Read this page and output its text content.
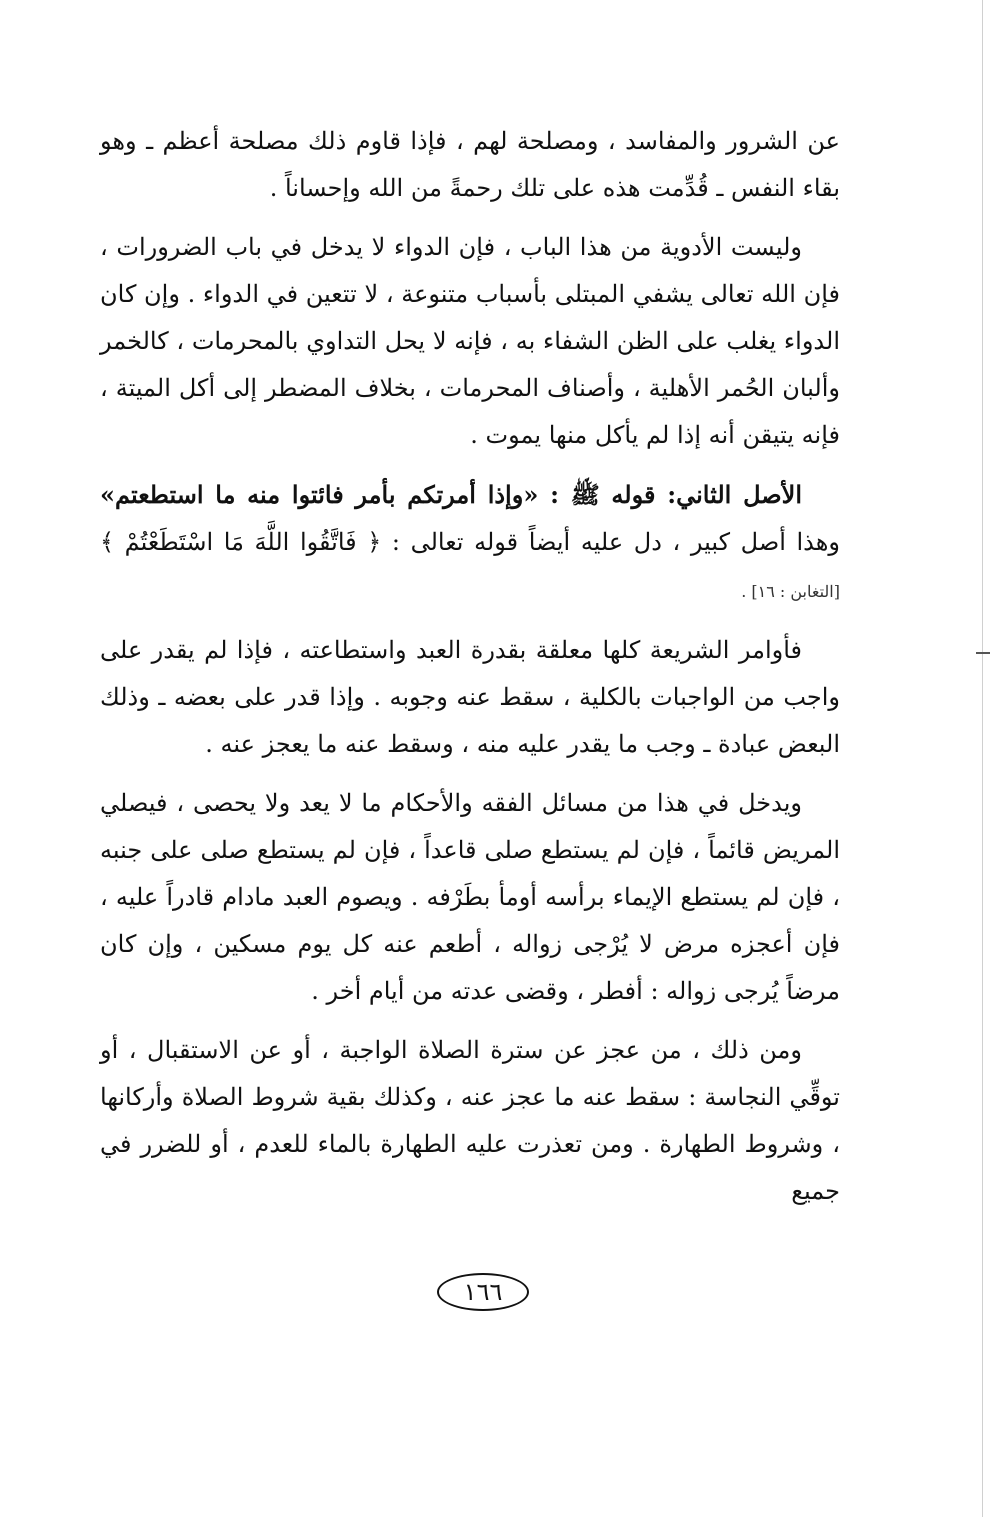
عن الشرور والمفاسد ، ومصلحة لهم ، فإذا قاوم ذلك مصلحة أعظم ـ وهو بقاء النفس ـ قُدِّمت هذه على تلك رحمةً من الله وإحساناً .

وليست الأدوية من هذا الباب ، فإن الدواء لا يدخل في باب الضرورات ، فإن الله تعالى يشفي المبتلى بأسباب متنوعة ، لا تتعين في الدواء . وإن كان الدواء يغلب على الظن الشفاء به ، فإنه لا يحل التداوي بالمحرمات ، كالخمر وألبان الحُمر الأهلية ، وأصناف المحرمات ، بخلاف المضطر إلى أكل الميتة ، فإنه يتيقن أنه إذا لم يأكل منها يموت .

الأصل الثاني: قوله ﷺ : «وإذا أمرتكم بأمر فائتوا منه ما استطعتم» وهذا أصل كبير ، دل عليه أيضاً قوله تعالى : ﴿ فَاتَّقُوا اللَّهَ مَا اسْتَطَعْتُمْ ﴾ [التغابن : ١٦] .

فأوامر الشريعة كلها معلقة بقدرة العبد واستطاعته ، فإذا لم يقدر على واجب من الواجبات بالكلية ، سقط عنه وجوبه . وإذا قدر على بعضه ـ وذلك البعض عبادة ـ وجب ما يقدر عليه منه ، وسقط عنه ما يعجز عنه .

ويدخل في هذا من مسائل الفقه والأحكام ما لا يعد ولا يحصى ، فيصلي المريض قائماً ، فإن لم يستطع صلى قاعداً ، فإن لم يستطع صلى على جنبه ، فإن لم يستطع الإيماء برأسه أومأ بطَرْفه . ويصوم العبد مادام قادراً عليه ، فإن أعجزه مرض لا يُرْجى زواله ، أطعم عنه كل يوم مسكين ، وإن كان مرضاً يُرجى زواله : أفطر ، وقضى عدته من أيام أخر .

ومن ذلك ، من عجز عن سترة الصلاة الواجبة ، أو عن الاستقبال ، أو توقِّي النجاسة : سقط عنه ما عجز عنه ، وكذلك بقية شروط الصلاة وأركانها ، وشروط الطهارة . ومن تعذرت عليه الطهارة بالماء للعدم ، أو للضرر في جميع

١٦٦
